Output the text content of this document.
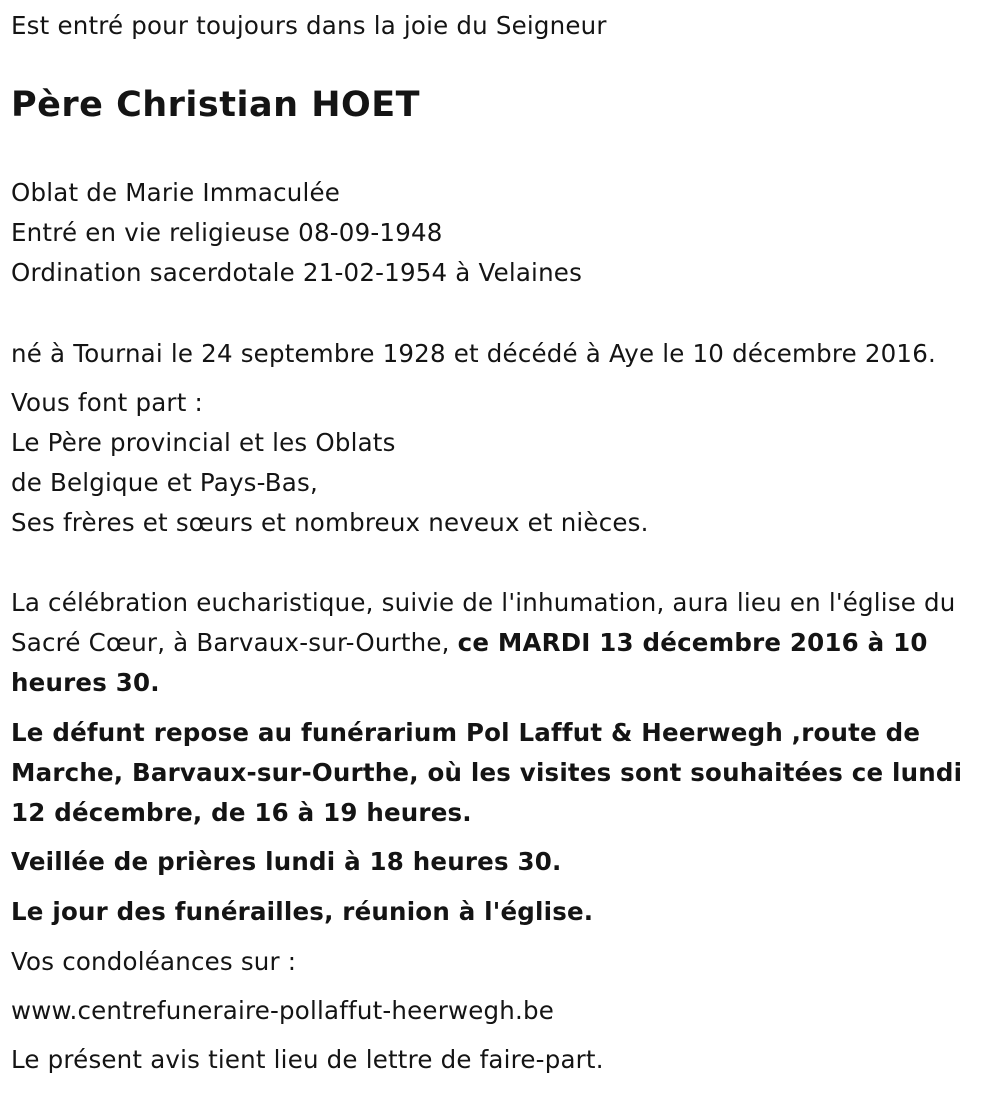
Est entré pour toujours dans la joie du Seigneur
Père Christian HOET
Oblat de Marie Immaculée
Entré en vie religieuse 08-09-1948
Ordination sacerdotale 21-02-1954 à Velaines
né à Tournai le 24 septembre 1928 et décédé à Aye le 10 décembre 2016.
Vous font part :
Le Père provincial et les Oblats
de Belgique et Pays-Bas,
Ses frères et sœurs et nombreux neveux et nièces.
La célébration eucharistique, suivie de l'inhumation, aura lieu en l'église du Sacré Cœur, à Barvaux-sur-Ourthe, ce MARDI 13 décembre 2016 à 10 heures 30.
Le défunt repose au funérarium Pol Laffut & Heerwegh ,route de Marche, Barvaux-sur-Ourthe, où les visites sont souhaitées ce lundi 12 décembre, de 16 à 19 heures.
Veillée de prières lundi à 18 heures 30.
Le jour des funérailles, réunion à l'église.
Vos condoléances sur :
www.centrefuneraire-pollaffut-heerwegh.be
Le présent avis tient lieu de lettre de faire-part.
